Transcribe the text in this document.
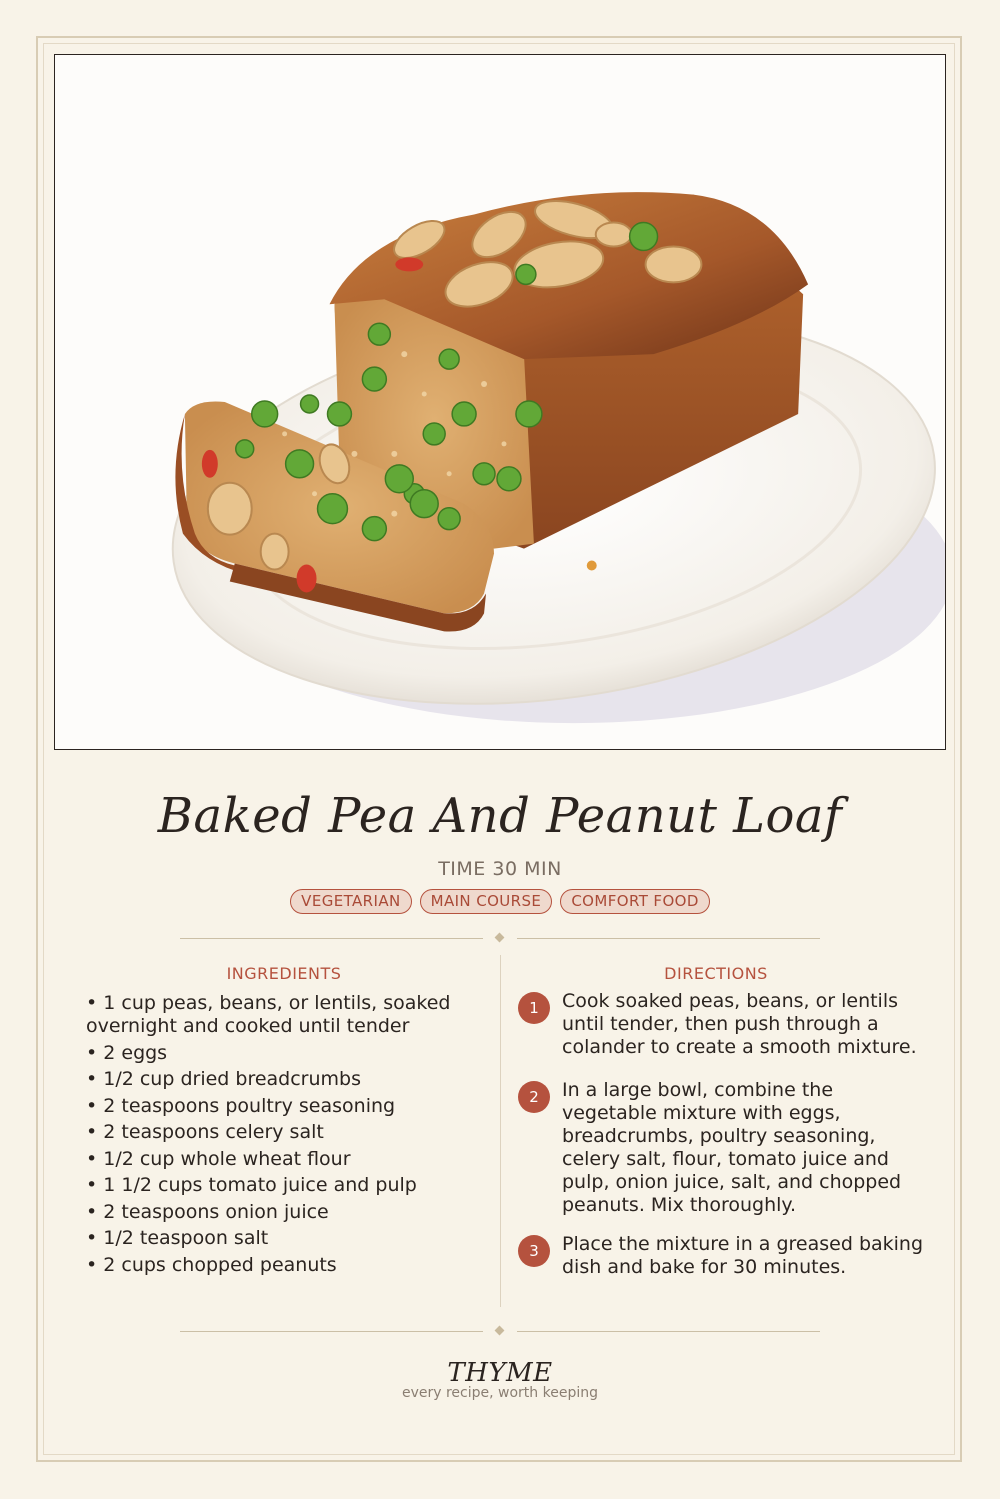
Baked Pea And Peanut Loaf
TIME 30 MIN
VEGETARIAN	MAIN COURSE	COMFORT FOOD
INGREDIENTS	DIRECTIONS
• 1 cup peas, beans, or lentils, soaked overnight and cooked until tender
• 2 eggs
• 1/2 cup dried breadcrumbs
• 2 teaspoons poultry seasoning
• 2 teaspoons celery salt
• 1/2 cup whole wheat flour
• 1 1/2 cups tomato juice and pulp
• 2 teaspoons onion juice
• 1/2 teaspoon salt
• 2 cups chopped peanuts
1	Cook soaked peas, beans, or lentils until tender, then push through a colander to create a smooth mixture.
2	In a large bowl, combine the vegetable mixture with eggs, breadcrumbs, poultry seasoning, celery salt, flour, tomato juice and pulp, onion juice, salt, and chopped peanuts. Mix thoroughly.
3	Place the mixture in a greased baking dish and bake for 30 minutes.
THYME
every recipe, worth keeping
